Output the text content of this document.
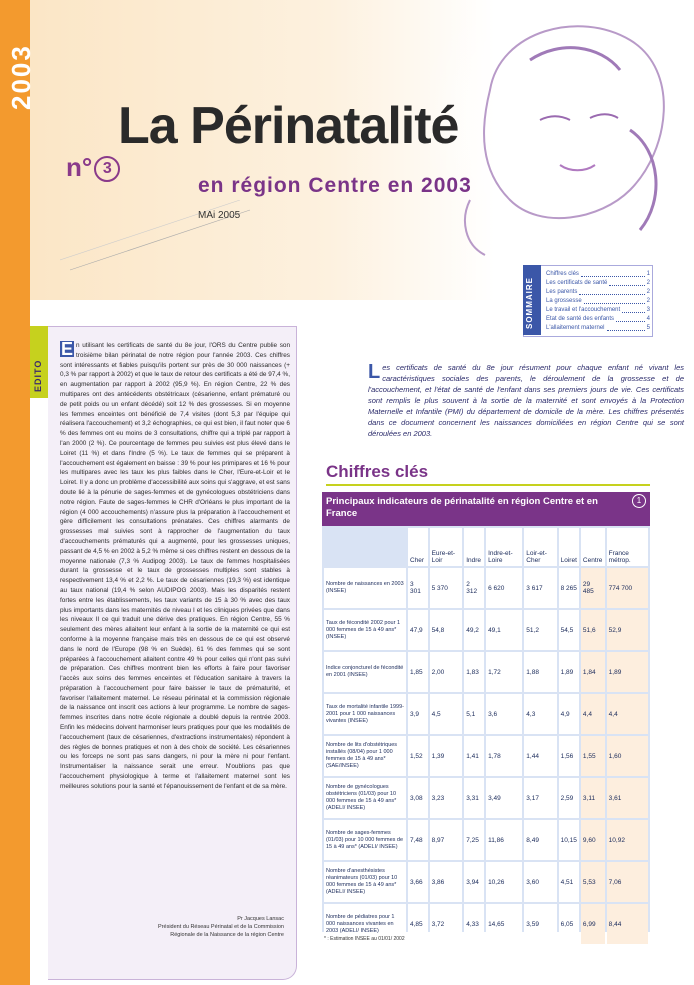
2003
La Périnatalité
n° 3
en région Centre en 2003
MAi 2005
Chiffres clés	1
Les certificats de santé	2
Les parents	2
La grossesse	2
Le travail et l'accouchement	3
Etat de santé des enfants	4
L'allaitement maternel	5
SOMMAIRE
EDITO
E n utilisant les certificats de santé du 8e jour, l'ORS du Centre publie son troisième bilan périnatal de notre région pour l'année 2003. Ces chiffres sont intéressants et fiables puisqu'ils portent sur près de 30 000 naissances (+ 0,3 % par rapport à 2002) et que le taux de retour des certificats a été de 97,4 %, en augmentation par rapport à 2002 (95,9 %). En région Centre, 22 % des multipares ont des antécédents obstétricaux (césarienne, enfant prématuré ou de petit poids ou un enfant décédé) soit 12 % des grossesses. Si en moyenne les femmes enceintes ont bénéficié de 7,4 visites (dont 5,3 par l'équipe qui réalisera l'accouchement) et 3,2 échographies, ce qui est bien, il faut noter que 6 % des femmes ont eu moins de 3 consultations, chiffre qui a triplé par rapport à l'an 2000 (2 %). Ce pourcentage de femmes peu suivies est plus élevé dans le Loiret (11 %) et dans l'Indre (5 %). Le taux de femmes qui se préparent à l'accouchement est également en baisse : 39 % pour les primipares et 16 % pour les multipares avec les taux les plus faibles dans le Cher, l'Eure-et-Loir et le Loiret. Il y a donc un problème d'accessibilité aux soins qui s'aggrave, et est sans doute lié à la pénurie de sages-femmes et de gynécologues obstétriciens dans notre région. Faute de sages-femmes le CHR d'Orléans le plus important de la région (4 000 accouchements) n'assure plus la préparation à l'accouchement et gère difficilement les consultations prénatales. Ces chiffres alarmants de grossesses mal suivies sont à rapprocher de l'augmentation du taux d'accouchements prématurés qui a augmenté, pour les grossesses uniques, passant de 4,5 % en 2002 à 5,2 % même si ces chiffres restent en dessous de la moyenne nationale (7,3 % Audipog 2003). Le taux de femmes hospitalisées durant la grossesse et le taux de grossesses multiples sont stables à respectivement 13,4 % et 2,2 %. Le taux de césariennes (19,3 %) est identique au taux national (19,4 % selon AUDIPOG 2003). Mais les disparités restent fortes entre les établissements, les taux variants de 15 à 30 % avec des taux plus importants dans les maternités de niveau I et les cliniques privées que dans les niveaux II ce qui traduit une dérive des pratiques. En région Centre, 55 % seulement des mères allaitent leur enfant à la sortie de la maternité ce qui est conforme à la moyenne française mais très en dessous de ce qui est observé dans le nord de l'Europe (98 % en Suède). 61 % des femmes qui se sont préparées à l'accouchement allaitent contre 49 % pour celles qui n'ont pas suivi de préparation. Ces chiffres montrent bien les efforts à faire pour favoriser l'accès aux soins des femmes enceintes et l'éducation sanitaire à travers la préparation à l'accouchement pour faire baisser le taux de prématurité, et favoriser l'allaitement maternel. Le réseau périnatal et la commission régionale de la naissance ont inscrit ces actions à leur programme. Le nombre de sages-femmes inscrites dans notre école régionale a doublé depuis la rentrée 2003. Enfin les médecins doivent harmoniser leurs pratiques pour que les modalités de l'accouchement (taux de césariennes, d'extractions instrumentales) répondent à des règles de bonnes pratiques et non à des choix de société. Les césariennes ou les forceps ne sont pas sans dangers, ni pour la mère ni pour l'enfant. Instrumentaliser la naissance serait une erreur. N'oublions pas que l'accouchement physiologique à terme et l'allaitement maternel sont les meilleures solutions pour la santé et l'épanouissement de l'enfant et de sa mère.
Pr Jacques Lansac
Président du Réseau Périnatal et de la Commission
Régionale de la Naissance de la région Centre
Les certificats de santé du 8e jour résument pour chaque enfant né vivant les caractéristiques sociales des parents, le déroulement de la grossesse et de l'accouchement, et l'état de santé de l'enfant dans ses premiers jours de vie. Ces certificats sont remplis le plus souvent à la sortie de la maternité et sont envoyés à la Protection Maternelle et Infantile (PMI) du département de domicile de la mère. Les chiffres présentés dans ce document concernent les naissances domiciliées en région Centre qui se sont déroulées en 2003.
Chiffres clés
Principaux indicateurs de périnatalité en région Centre et en France
1
	Cher	Eure-et-Loir	Indre	Indre-et-Loire	Loir-et-Cher	Loiret	Centre	France métrop.
Nombre de naissances en 2003 (INSEE)	3 301	5 370	2 312	6 620	3 617	8 265	29 485	774 700
Taux de fécondité 2002 pour 1 000 femmes de 15 à 49 ans* (INSEE)	47,9	54,8	49,2	49,1	51,2	54,5	51,6	52,9
Indice conjoncturel de fécondité en 2001 (INSEE)	1,85	2,00	1,83	1,72	1,88	1,89	1,84	1,89
Taux de mortalité infantile 1999-2001 pour 1 000 naissances vivantes (INSEE)	3,9	4,5	5,1	3,6	4,3	4,9	4,4	4,4
Nombre de lits d'obstétriques installés (08/04) pour 1 000 femmes de 15 à 49 ans* (SAE/INSEE)	1,52	1,39	1,41	1,78	1,44	1,56	1,55	1,60
Nombre de gynécologues obstétriciens (01/03) pour 10 000 femmes de 15 à 49 ans* (ADELI/ INSEE)	3,08	3,23	3,31	3,49	3,17	2,59	3,11	3,61
Nombre de sages-femmes (01/03) pour 10 000 femmes de 15 à 49 ans* (ADELI/ INSEE)	7,48	8,97	7,25	11,86	8,49	10,15	9,60	10,92
Nombre d'anesthésistes réanimateurs (01/03) pour 10 000 femmes de 15 à 49 ans* (ADELI/ INSEE)	3,66	3,86	3,94	10,26	3,60	4,51	5,53	7,06
Nombre de pédiatres pour 1 000 naissances vivantes en 2003 (ADELI/ INSEE)	4,85	3,72	4,33	14,65	3,59	6,05	6,99	8,44
* : Estimation INSEE au 01/01/ 2002
